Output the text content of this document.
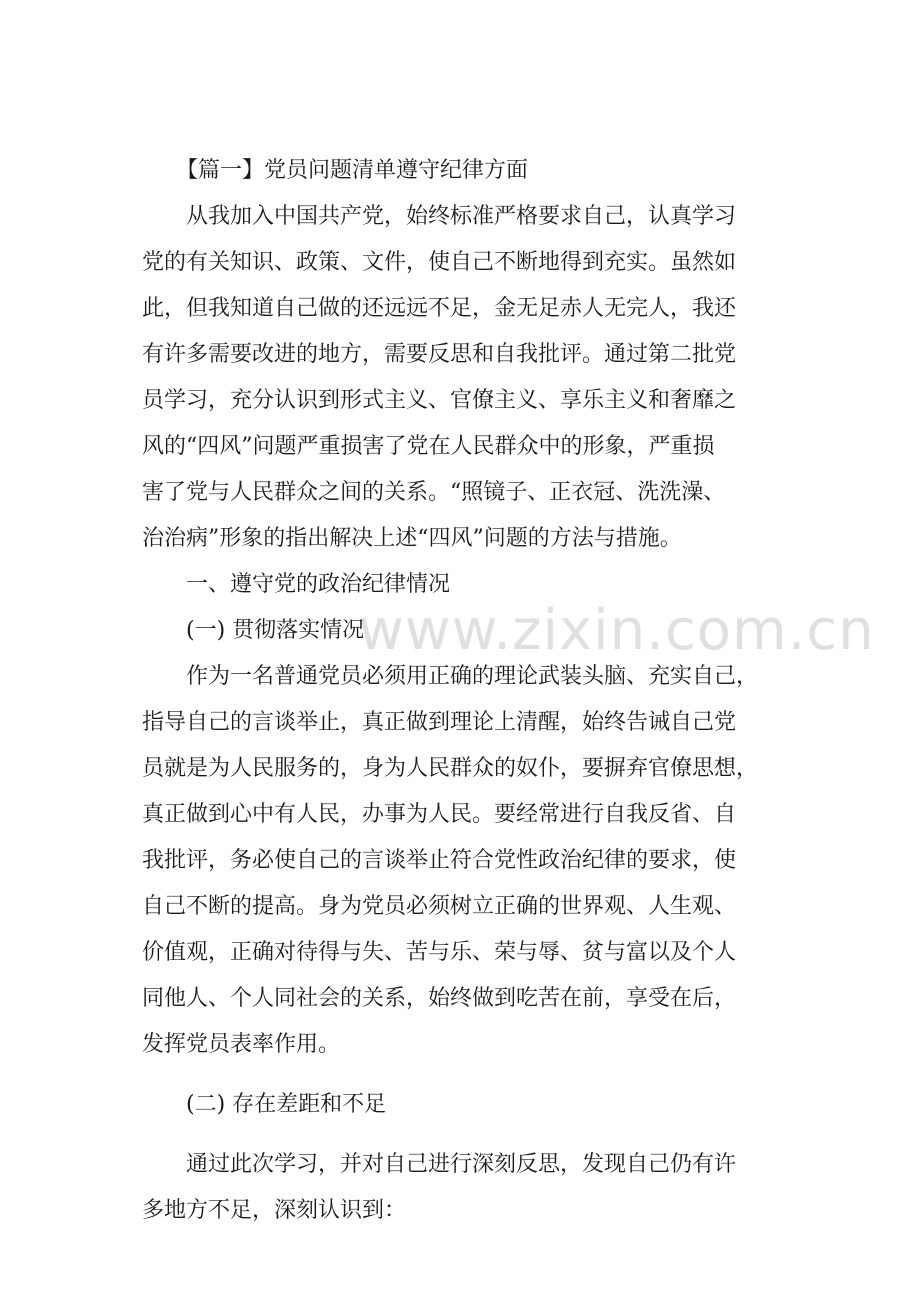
www.zixin.com.cn
【篇一】党员问题清单遵守纪律方面
从我加入中国共产党，始终标准严格要求自己，认真学习
党的有关知识、政策、文件，使自己不断地得到充实。虽然如
此，但我知道自己做的还远远不足，金无足赤人无完人，我还
有许多需要改进的地方，需要反思和自我批评。通过第二批党
员学习，充分认识到形式主义、官僚主义、享乐主义和奢靡之
风的“四风”问题严重损害了党在人民群众中的形象，严重损
害了党与人民群众之间的关系。“照镜子、正衣冠、洗洗澡、
治治病”形象的指出解决上述“四风”问题的方法与措施。
一、遵守党的政治纪律情况
(一) 贯彻落实情况
作为一名普通党员必须用正确的理论武装头脑、充实自己，
指导自己的言谈举止，真正做到理论上清醒，始终告诫自己党
员就是为人民服务的，身为人民群众的奴仆，要摒弃官僚思想，
真正做到心中有人民，办事为人民。要经常进行自我反省、自
我批评，务必使自己的言谈举止符合党性政治纪律的要求，使
自己不断的提高。身为党员必须树立正确的世界观、人生观、
价值观，正确对待得与失、苦与乐、荣与辱、贫与富以及个人
同他人、个人同社会的关系，始终做到吃苦在前，享受在后，
发挥党员表率作用。
(二) 存在差距和不足
通过此次学习，并对自己进行深刻反思，发现自己仍有许
多地方不足，深刻认识到：
